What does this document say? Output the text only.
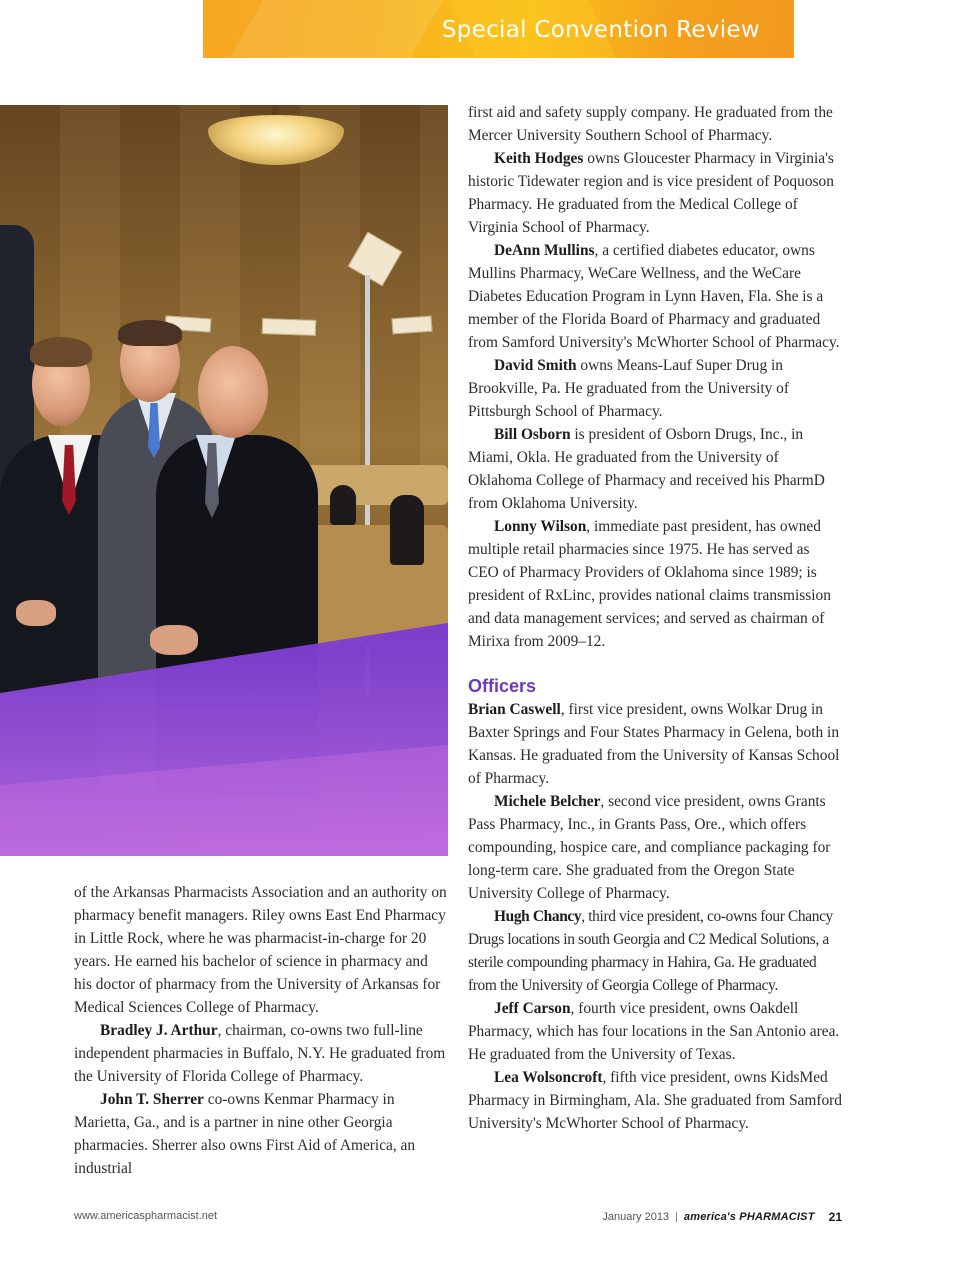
Special Convention Review

of the Arkansas Pharmacists Association and an authority on pharmacy benefit managers. Riley owns East End Pharmacy in Little Rock, where he was pharmacist-in-charge for 20 years. He earned his bachelor of science in pharmacy and his doctor of pharmacy from the University of Arkansas for Medical Sciences College of Pharmacy.

Bradley J. Arthur, chairman, co-owns two full-line independent pharmacies in Buffalo, N.Y. He graduated from the University of Florida College of Pharmacy.

John T. Sherrer co-owns Kenmar Pharmacy in Marietta, Ga., and is a partner in nine other Georgia pharmacies. Sherrer also owns First Aid of America, an industrial

first aid and safety supply company. He graduated from the Mercer University Southern School of Pharmacy.

Keith Hodges owns Gloucester Pharmacy in Virginia's historic Tidewater region and is vice president of Poquoson Pharmacy. He graduated from the Medical College of Virginia School of Pharmacy.

DeAnn Mullins, a certified diabetes educator, owns Mullins Pharmacy, WeCare Wellness, and the WeCare Diabetes Education Program in Lynn Haven, Fla. She is a member of the Florida Board of Pharmacy and graduated from Samford University's McWhorter School of Pharmacy.

David Smith owns Means-Lauf Super Drug in Brookville, Pa. He graduated from the University of Pittsburgh School of Pharmacy.

Bill Osborn is president of Osborn Drugs, Inc., in Miami, Okla. He graduated from the University of Oklahoma College of Pharmacy and received his PharmD from Oklahoma University.

Lonny Wilson, immediate past president, has owned multiple retail pharmacies since 1975. He has served as CEO of Pharmacy Providers of Oklahoma since 1989; is president of RxLinc, provides national claims transmission and data management services; and served as chairman of Mirixa from 2009–12.

Officers

Brian Caswell, first vice president, owns Wolkar Drug in Baxter Springs and Four States Pharmacy in Gelena, both in Kansas. He graduated from the University of Kansas School of Pharmacy.

Michele Belcher, second vice president, owns Grants Pass Pharmacy, Inc., in Grants Pass, Ore., which offers compounding, hospice care, and compliance packaging for long-term care. She graduated from the Oregon State University College of Pharmacy.

Hugh Chancy, third vice president, co-owns four Chancy Drugs locations in south Georgia and C2 Medical Solutions, a sterile compounding pharmacy in Hahira, Ga. He graduated from the University of Georgia College of Pharmacy.

Jeff Carson, fourth vice president, owns Oakdell Pharmacy, which has four locations in the San Antonio area. He graduated from the University of Texas.

Lea Wolsoncroft, fifth vice president, owns KidsMed Pharmacy in Birmingham, Ala. She graduated from Samford University's McWhorter School of Pharmacy.

www.americaspharmacist.net	January 2013 | america's PHARMACIST 21
